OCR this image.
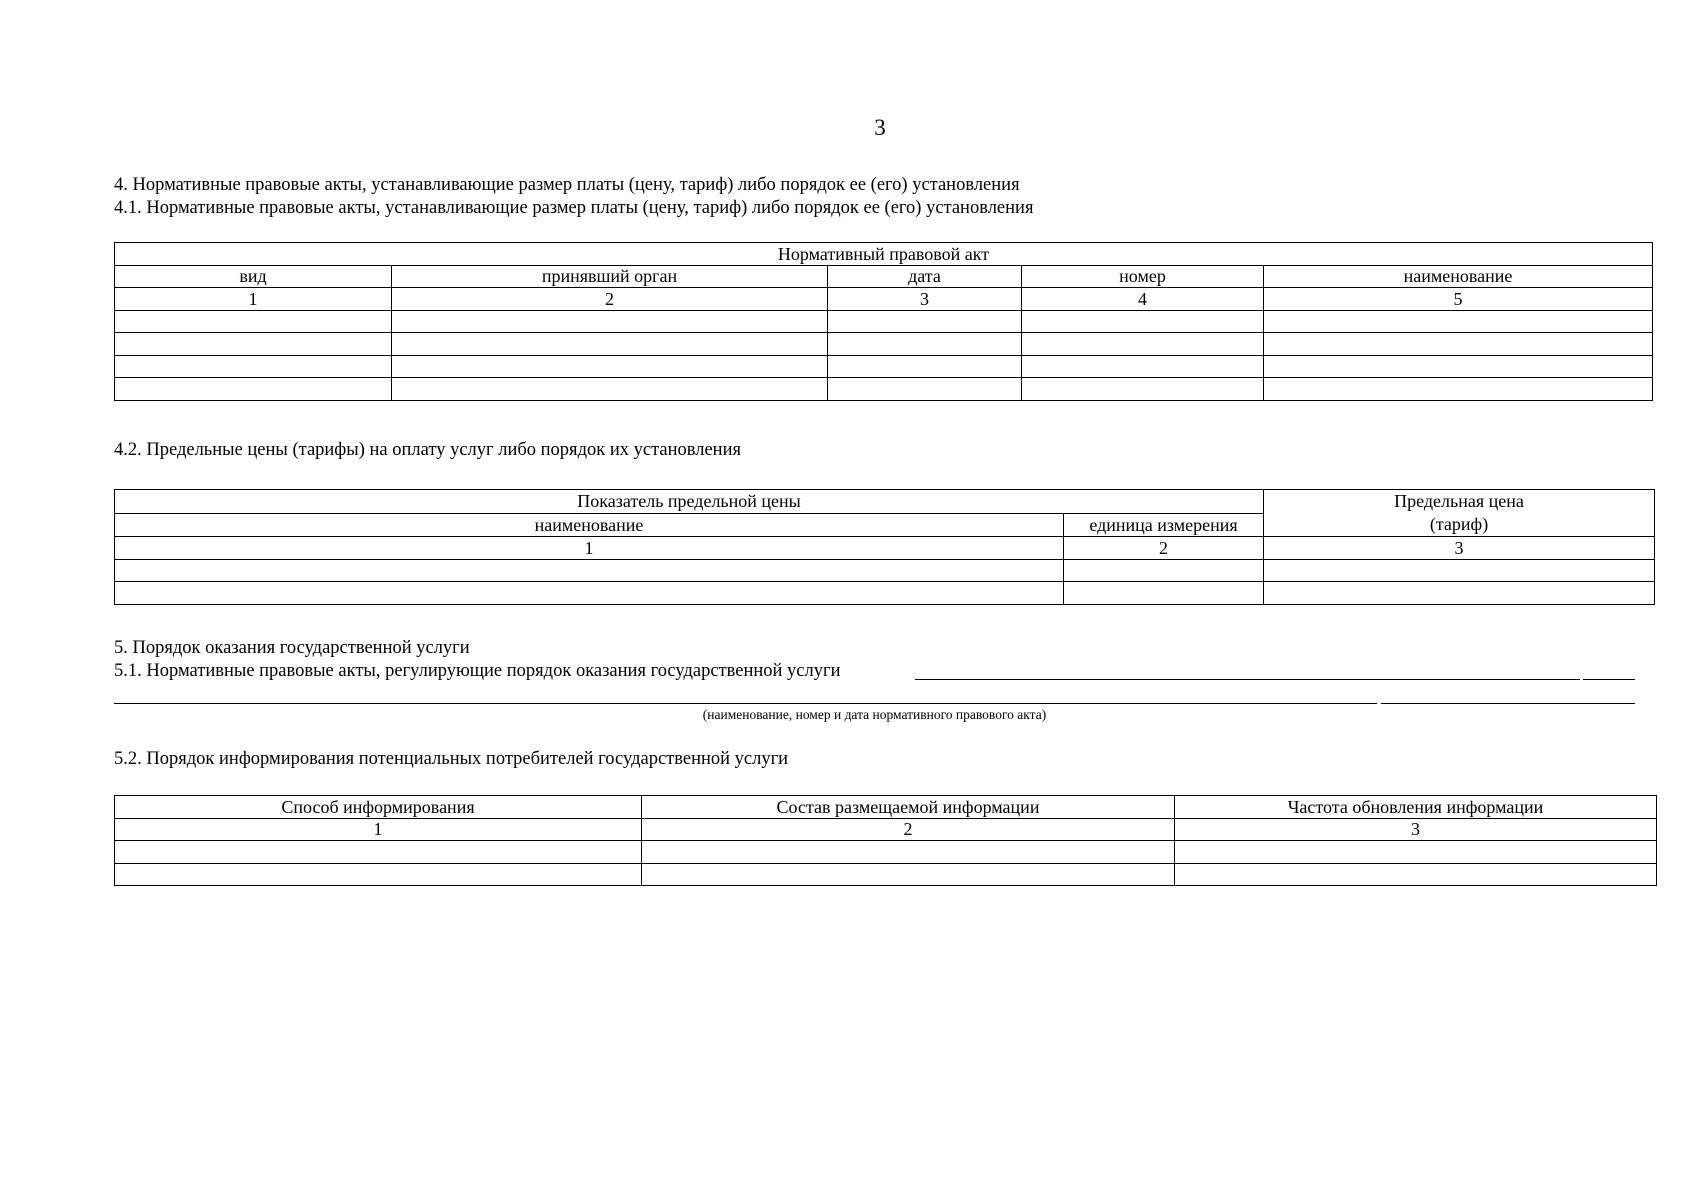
3
4. Нормативные правовые акты, устанавливающие размер платы (цену, тариф) либо порядок ее (его) установления
4.1. Нормативные правовые акты, устанавливающие размер платы (цену, тариф) либо порядок ее (его) установления
Нормативный правовой акт				
вид	принявший орган	дата	номер	наименование
1	2	3	4	5

4.2. Предельные цены (тарифы) на оплату услуг либо порядок их установления
Показатель предельной цены		Предельная цена
(тариф)

наименование	единица измерения	
1	2	3

5. Порядок оказания государственной услуги
5.1. Нормативные правовые акты, регулирующие порядок оказания государственной услуги
(наименование, номер и дата нормативного правового акта)
5.2. Порядок информирования потенциальных потребителей государственной услуги
Способ информирования	Состав размещаемой информации	Частота обновления информации
1	2	3
